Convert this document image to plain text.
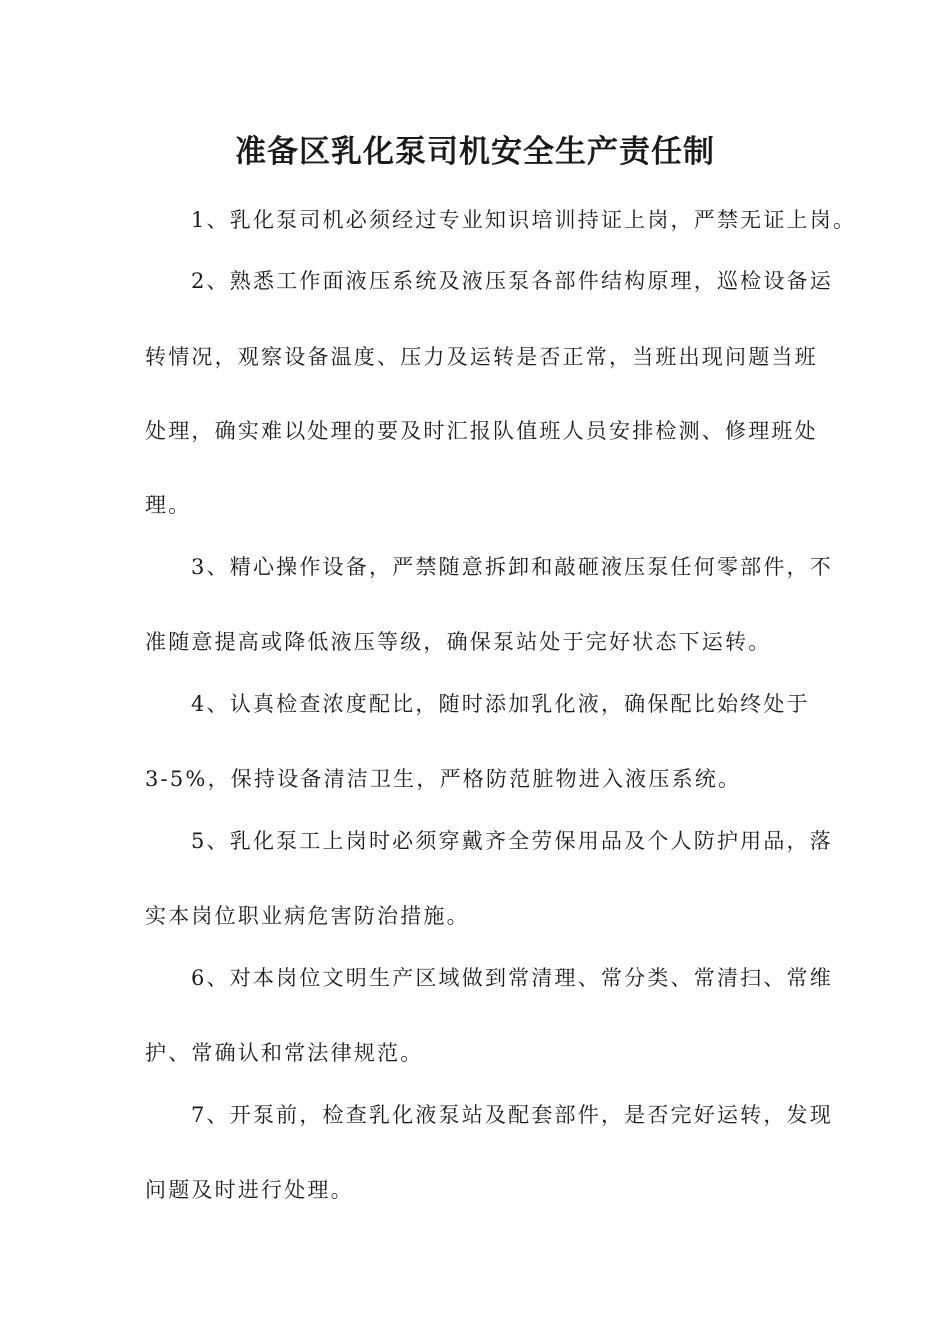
准备区乳化泵司机安全生产责任制
1、乳化泵司机必须经过专业知识培训持证上岗，严禁无证上岗。
2、熟悉工作面液压系统及液压泵各部件结构原理，巡检设备运
转情况，观察设备温度、压力及运转是否正常，当班出现问题当班
处理，确实难以处理的要及时汇报队值班人员安排检测、修理班处
理。
3、精心操作设备，严禁随意拆卸和敲砸液压泵任何零部件，不
准随意提高或降低液压等级，确保泵站处于完好状态下运转。
4、认真检查浓度配比，随时添加乳化液，确保配比始终处于
3-5%，保持设备清洁卫生，严格防范脏物进入液压系统。
5、乳化泵工上岗时必须穿戴齐全劳保用品及个人防护用品，落
实本岗位职业病危害防治措施。
6、对本岗位文明生产区域做到常清理、常分类、常清扫、常维
护、常确认和常法律规范。
7、开泵前，检查乳化液泵站及配套部件，是否完好运转，发现
问题及时进行处理。
